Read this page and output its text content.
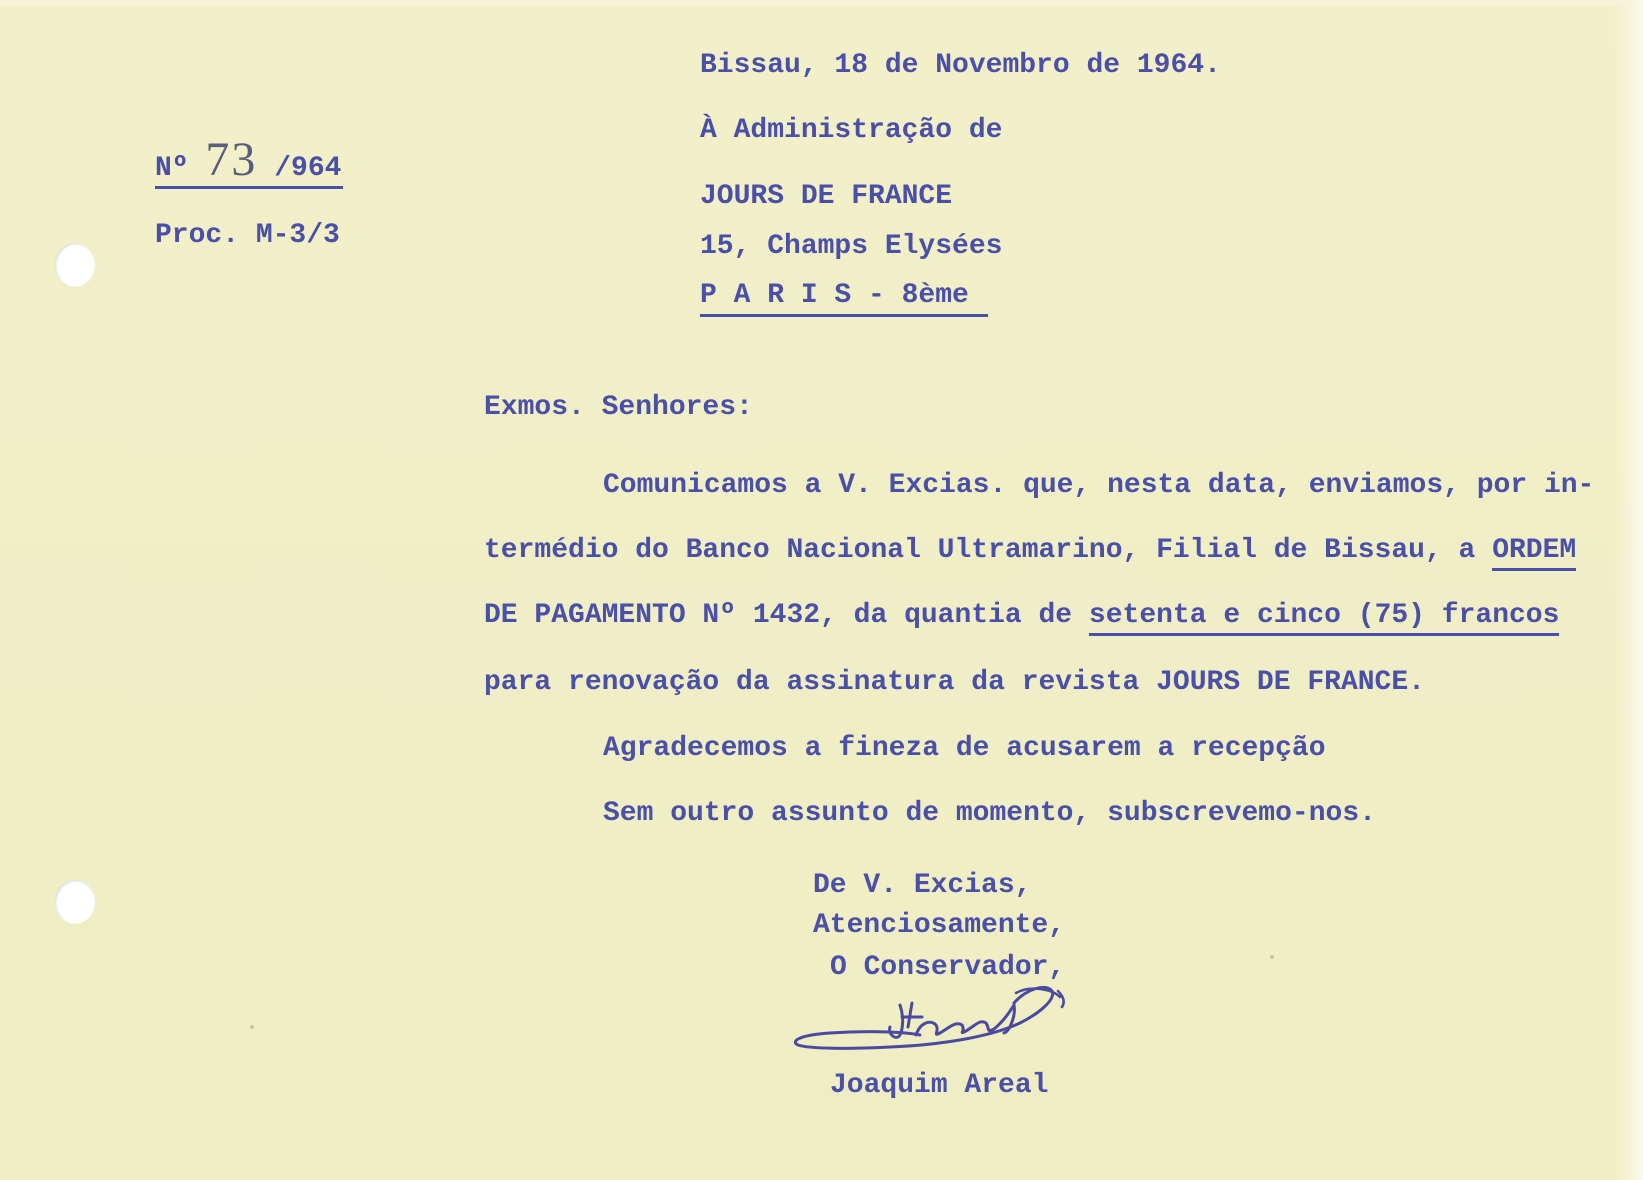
Nº 73 /964
Proc. M-3/3
Bissau, 18 de Novembro de 1964.
À Administração de
JOURS DE FRANCE
15, Champs Elysées
P A R I S - 8ème
Exmos. Senhores:
Comunicamos a V. Excias. que, nesta data, enviamos, por in-
termédio do Banco Nacional Ultramarino, Filial de Bissau, a ORDEM
DE PAGAMENTO Nº 1432, da quantia de setenta e cinco (75) francos
para renovação da assinatura da revista JOURS DE FRANCE.
Agradecemos a fineza de acusarem a recepção
Sem outro assunto de momento, subscrevemo-nos.
De V. Excias,
Atenciosamente,
O Conservador,
Joaquim Areal
